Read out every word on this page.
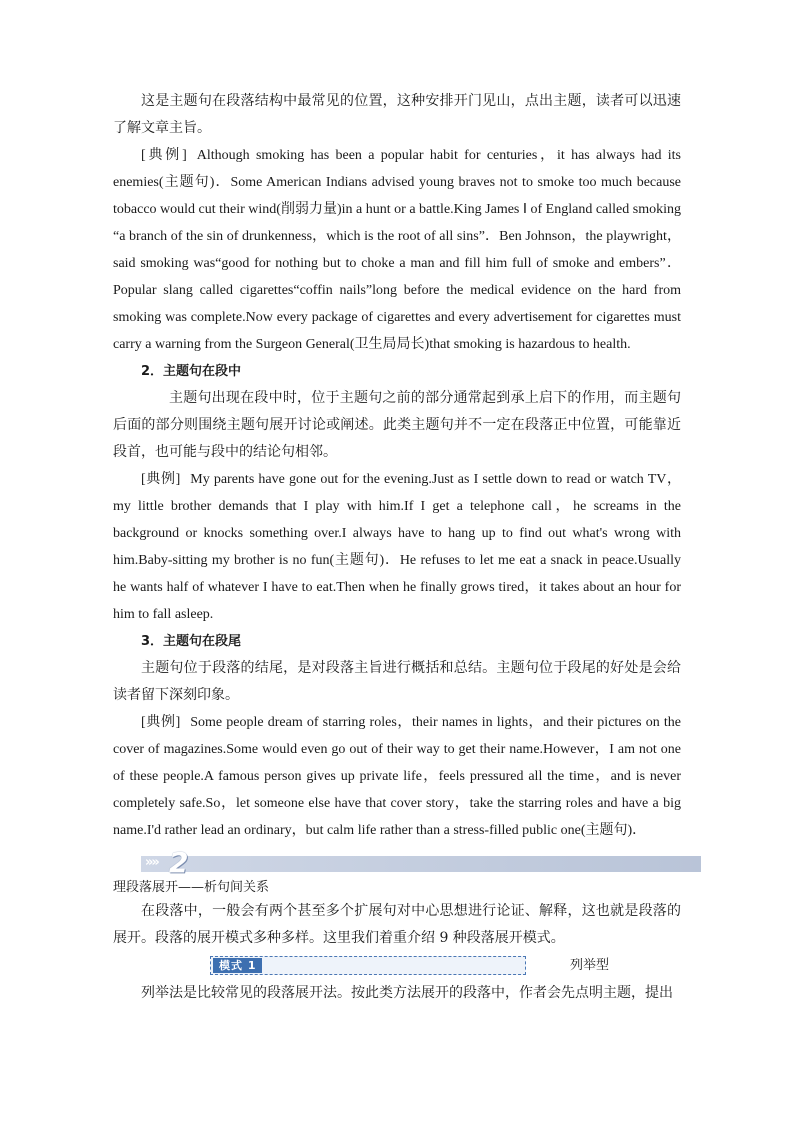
这是主题句在段落结构中最常见的位置，这种安排开门见山，点出主题，读者可以迅速了解文章主旨。

[典例] Although smoking has been a popular habit for centuries，it has always had its enemies(主题句)．Some American Indians advised young braves not to smoke too much because tobacco would cut their wind(削弱力量)in a hunt or a battle.King James Ⅰ of England called smoking “a branch of the sin of drunkenness，which is the root of all sins”．Ben Johnson，the playwright，said smoking was“good for nothing but to choke a man and fill him full of smoke and embers”．Popular slang called cigarettes“coffin nails”long before the medical evidence on the hard from smoking was complete.Now every package of cigarettes and every advertisement for cigarettes must carry a warning from the Surgeon General(卫生局局长)that smoking is hazardous to health.

2．主题句在段中

主题句出现在段中时，位于主题句之前的部分通常起到承上启下的作用，而主题句后面的部分则围绕主题句展开讨论或阐述。此类主题句并不一定在段落正中位置，可能靠近段首，也可能与段中的结论句相邻。

[典例] My parents have gone out for the evening.Just as I settle down to read or watch TV，my little brother demands that I play with him.If I get a telephone call，he screams in the background or knocks something over.I always have to hang up to find out what's wrong with him.Baby-sitting my brother is no fun(主题句)．He refuses to let me eat a snack in peace.Usually he wants half of whatever I have to eat.Then when he finally grows tired，it takes about an hour for him to fall asleep.

3．主题句在段尾

主题句位于段落的结尾，是对段落主旨进行概括和总结。主题句位于段尾的好处是会给读者留下深刻印象。

[典例] Some people dream of starring roles，their names in lights，and their pictures on the cover of magazines.Some would even go out of their way to get their name.However，I am not one of these people.A famous person gives up private life，feels pressured all the time，and is never completely safe.So，let someone else have that cover story，take the starring roles and have a big name.I'd rather lead an ordinary，but calm life rather than a stress-filled public one(主题句)．

»» 2
理段落展开——析句间关系

在段落中，一般会有两个甚至多个扩展句对中心思想进行论证、解释，这也就是段落的展开。段落的展开模式多种多样。这里我们着重介绍 9 种段落展开模式。

模式 1	列举型

列举法是比较常见的段落展开法。按此类方法展开的段落中，作者会先点明主题，提出
